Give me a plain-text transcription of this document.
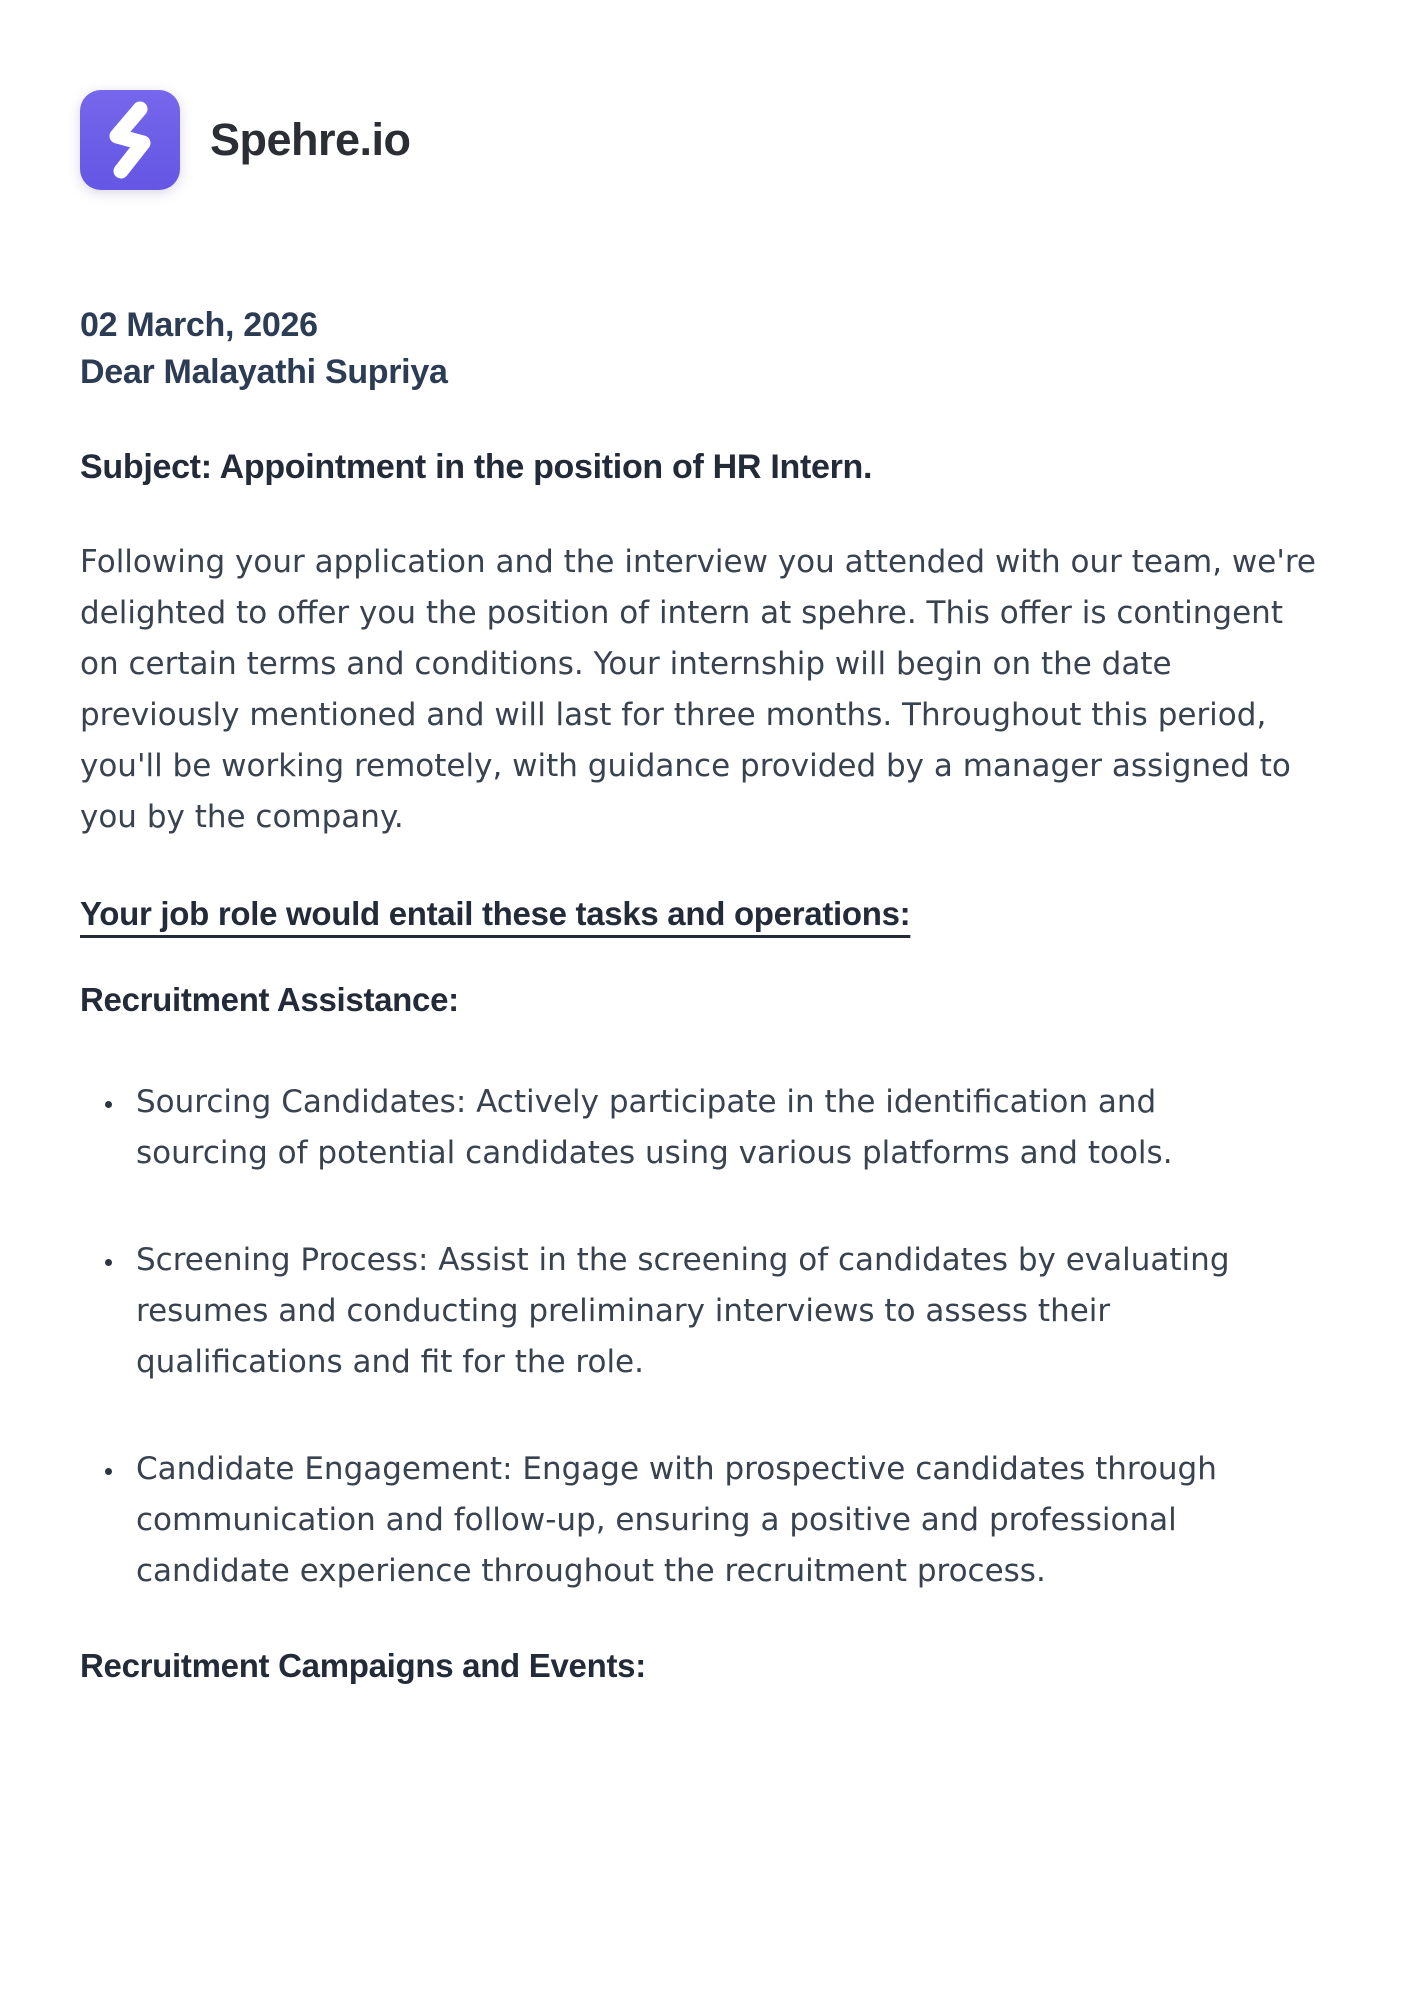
Spehre.io
02 March, 2026
Dear Malayathi Supriya
Subject: Appointment in the position of HR Intern.

Following your application and the interview you attended with our team, we're delighted to offer you the position of intern at spehre. This offer is contingent on certain terms and conditions. Your internship will begin on the date previously mentioned and will last for three months. Throughout this period, you'll be working remotely, with guidance provided by a manager assigned to you by the company.

Your job role would entail these tasks and operations:
Recruitment Assistance:
• Sourcing Candidates: Actively participate in the identification and sourcing of potential candidates using various platforms and tools.
• Screening Process: Assist in the screening of candidates by evaluating resumes and conducting preliminary interviews to assess their qualifications and fit for the role.
• Candidate Engagement: Engage with prospective candidates through communication and follow-up, ensuring a positive and professional candidate experience throughout the recruitment process.
Recruitment Campaigns and Events:
